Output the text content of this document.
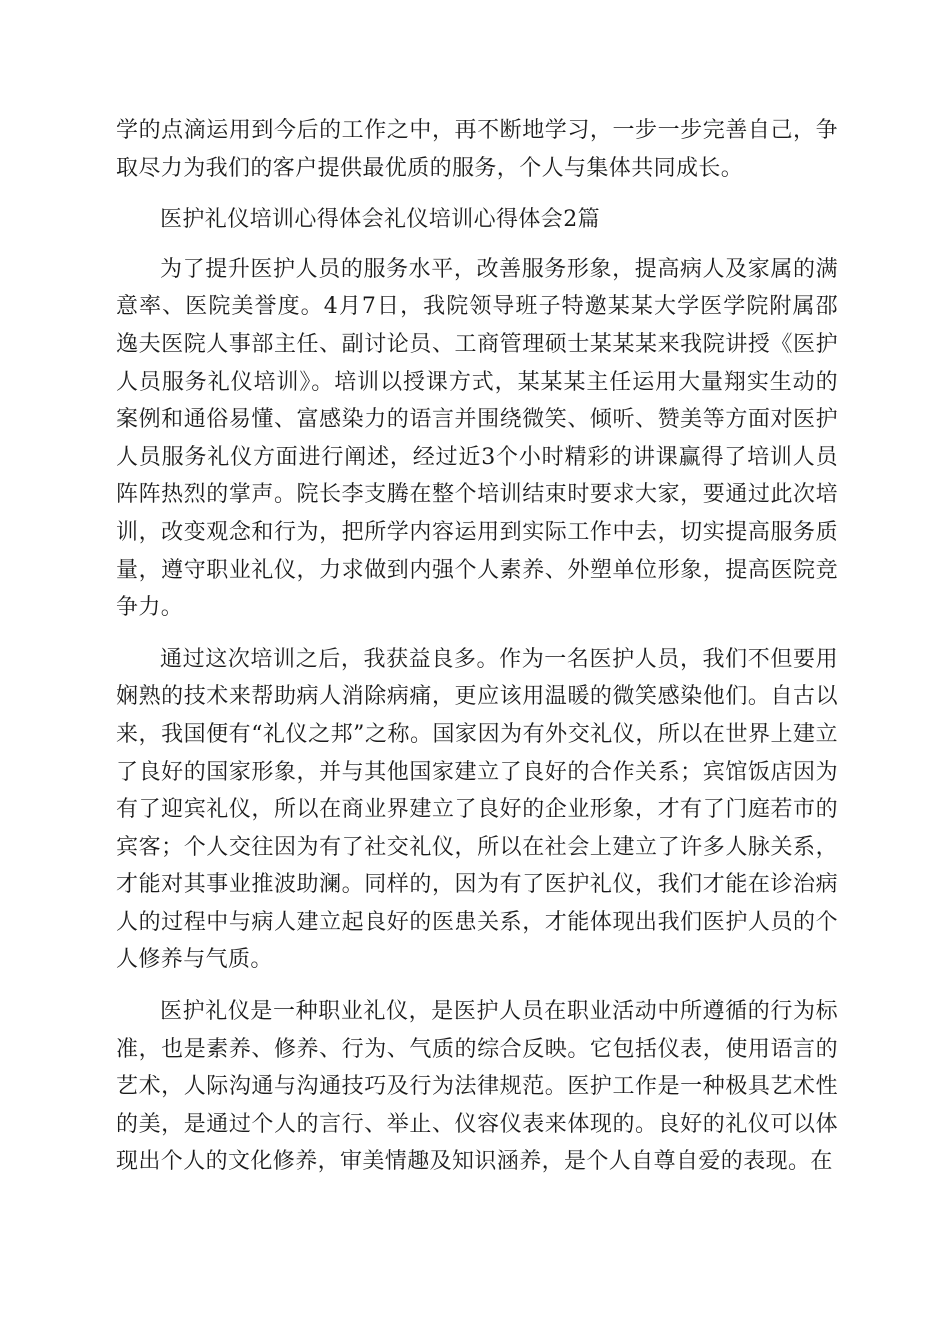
学的点滴运用到今后的工作之中，再不断地学习，一步一步完善自己，争取尽力为我们的客户提供最优质的服务，个人与集体共同成长。

医护礼仪培训心得体会礼仪培训心得体会2篇

为了提升医护人员的服务水平，改善服务形象，提高病人及家属的满意率、医院美誉度。4月7日，我院领导班子特邀某某大学医学院附属邵逸夫医院人事部主任、副讨论员、工商管理硕士某某某来我院讲授《医护人员服务礼仪培训》。培训以授课方式，某某某主任运用大量翔实生动的案例和通俗易懂、富感染力的语言并围绕微笑、倾听、赞美等方面对医护人员服务礼仪方面进行阐述，经过近3个小时精彩的讲课赢得了培训人员阵阵热烈的掌声。院长李支腾在整个培训结束时要求大家，要通过此次培训，改变观念和行为，把所学内容运用到实际工作中去，切实提高服务质量，遵守职业礼仪，力求做到内强个人素养、外塑单位形象，提高医院竞争力。

通过这次培训之后，我获益良多。作为一名医护人员，我们不但要用娴熟的技术来帮助病人消除病痛，更应该用温暖的微笑感染他们。自古以来，我国便有“礼仪之邦”之称。国家因为有外交礼仪，所以在世界上建立了良好的国家形象，并与其他国家建立了良好的合作关系；宾馆饭店因为有了迎宾礼仪，所以在商业界建立了良好的企业形象，才有了门庭若市的宾客；个人交往因为有了社交礼仪，所以在社会上建立了许多人脉关系，才能对其事业推波助澜。同样的，因为有了医护礼仪，我们才能在诊治病人的过程中与病人建立起良好的医患关系，才能体现出我们医护人员的个人修养与气质。

医护礼仪是一种职业礼仪，是医护人员在职业活动中所遵循的行为标准，也是素养、修养、行为、气质的综合反映。它包括仪表，使用语言的艺术，人际沟通与沟通技巧及行为法律规范。医护工作是一种极具艺术性的美，是通过个人的言行、举止、仪容仪表来体现的。良好的礼仪可以体现出个人的文化修养，审美情趣及知识涵养，是个人自尊自爱的表现。在
